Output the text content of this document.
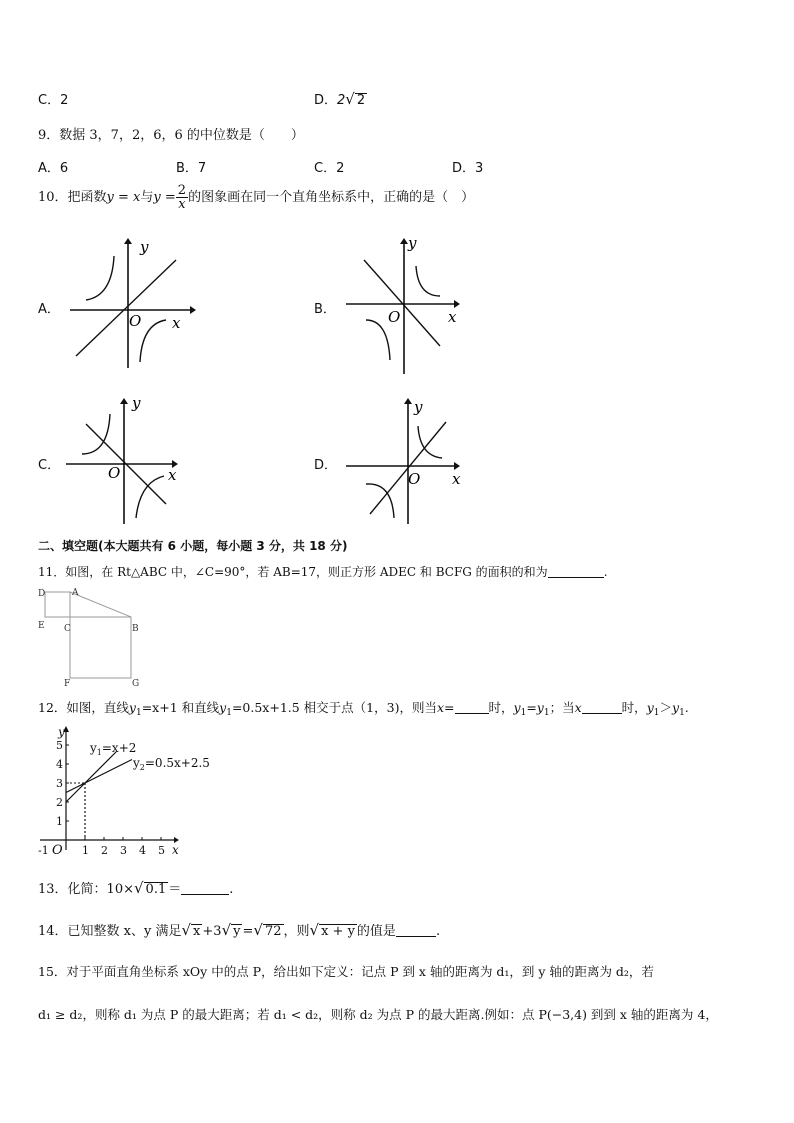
C．2	D．2√ 2
9．数据 3，7，2，6，6 的中位数是（　　）
A．6	B．7	C．2	D．3
10．把函数y = x与$y = \frac{2}{x}$ 的图象画在同一个直角坐标系中，正确的是（　）
A．	B．
C．	D．
y
O x
y
O	x
y
O	x
y
O x
二、填空题(本大题共有 6 小题，每小题 3 分，共 18 分)
11．如图，在 Rt△ABC 中，∠C=90°，若 AB=17，则正方形 ADEC 和 BCFG 的面积的和为	.
D	A
E C	B
F	G
12．如图，直线$y_1=x+1$ 和直线$y_1=0.5x+1.5$ 相交于点（1，3)，则当x=	时，$y_1=y_1$；当x	时，$y_1>y_1$.
5
4
3
2
1
1 2 3 4 5
-1 O	x
y
$y_1=x+2$
$y_2=0.5x+2.5$
13．化简：10×√ 0.1 ＝	.
14．已知整数 x、y 满足√ x +3√ y =√ 72 ，则√ x + y 的值是	.
15．对于平面直角坐标系 xOy 中的点 P，给出如下定义：记点 P 到 x 轴的距离为 d₁，到 y 轴的距离为 d₂，若
d₁ ≥ d₂，则称 d₁ 为点 P 的最大距离；若 d₁ < d₂，则称 d₂ 为点 P 的最大距离.例如：点 P(−3,4) 到到 x 轴的距离为 4，
